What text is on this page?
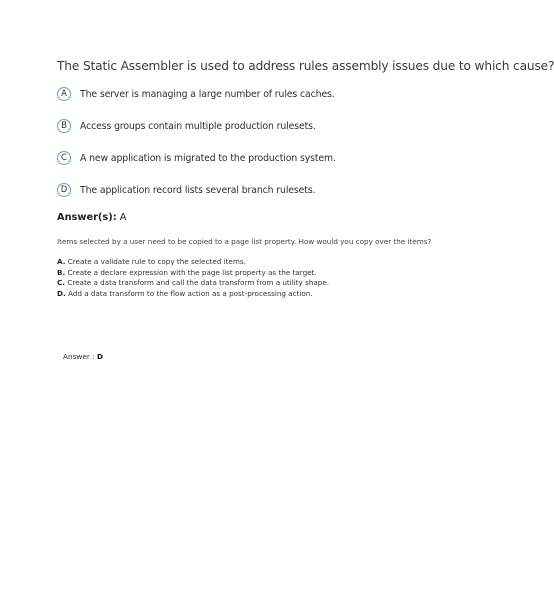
The Static Assembler is used to address rules assembly issues due to which cause?

A	The server is managing a large number of rules caches.
B	Access groups contain multiple production rulesets.
C	A new application is migrated to the production system.
D	The application record lists several branch rulesets.
Answer(s): A

Items selected by a user need to be copied to a page list property. How would you copy over the items?

A. Create a validate rule to copy the selected items.
B. Create a declare expression with the page list property as the target.
C. Create a data transform and call the data transform from a utility shape.
D. Add a data transform to the flow action as a post-processing action.
Answer : D
